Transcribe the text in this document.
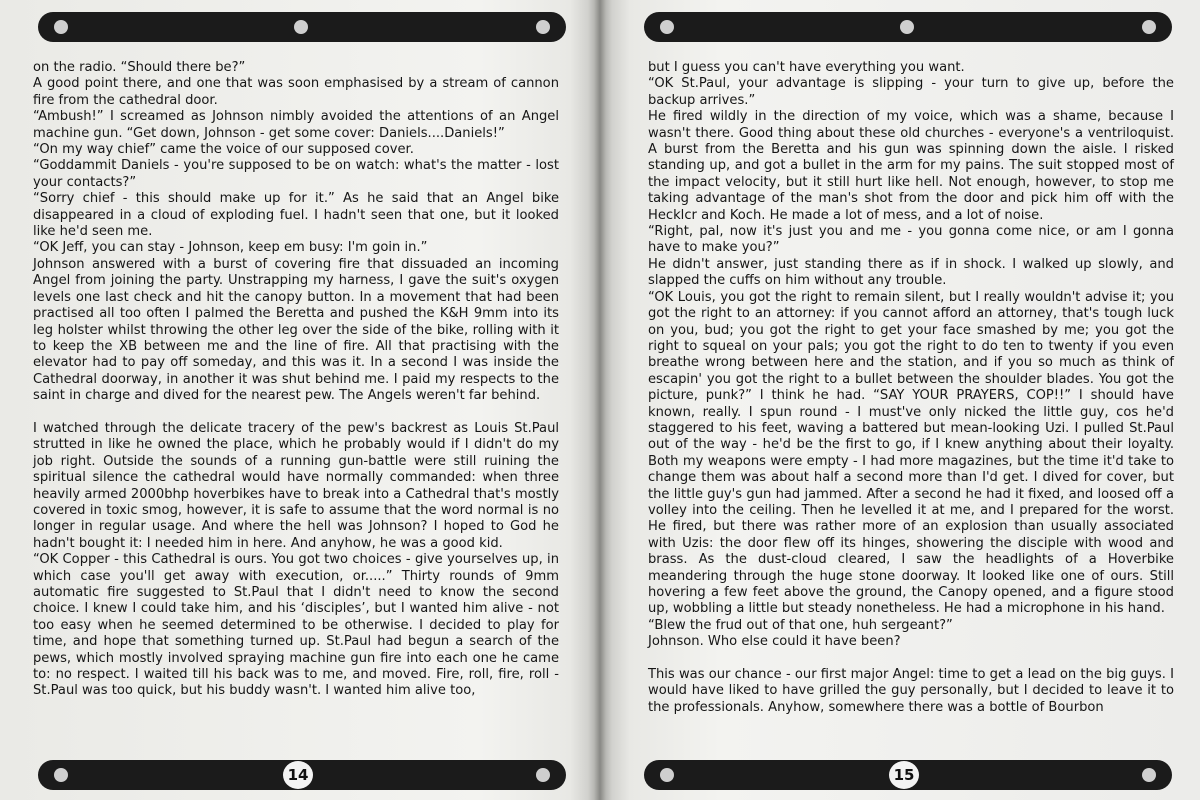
on the radio. “Should there be?”

A good point there, and one that was soon emphasised by a stream of cannon fire from the cathedral door.

“Ambush!” I screamed as Johnson nimbly avoided the attentions of an Angel machine gun. “Get down, Johnson - get some cover: Daniels....Daniels!”

“On my way chief” came the voice of our supposed cover.

“Goddammit Daniels - you're supposed to be on watch: what's the matter - lost your contacts?”

“Sorry chief - this should make up for it.” As he said that an Angel bike disappeared in a cloud of exploding fuel. I hadn't seen that one, but it looked like he'd seen me.

“OK Jeff, you can stay - Johnson, keep em busy: I'm goin in.”

Johnson answered with a burst of covering fire that dissuaded an incoming Angel from joining the party. Unstrapping my harness, I gave the suit's oxygen levels one last check and hit the canopy button. In a movement that had been practised all too often I palmed the Beretta and pushed the K&H 9mm into its leg holster whilst throwing the other leg over the side of the bike, rolling with it to keep the XB between me and the line of fire. All that practising with the elevator had to pay off someday, and this was it. In a second I was inside the Cathedral doorway, in another it was shut behind me. I paid my respects to the saint in charge and dived for the nearest pew. The Angels weren't far behind.

I watched through the delicate tracery of the pew's backrest as Louis St.Paul strutted in like he owned the place, which he probably would if I didn't do my job right. Outside the sounds of a running gun-battle were still ruining the spiritual silence the cathedral would have normally commanded: when three heavily armed 2000bhp hoverbikes have to break into a Cathedral that's mostly covered in toxic smog, however, it is safe to assume that the word normal is no longer in regular usage. And where the hell was Johnson? I hoped to God he hadn't bought it: I needed him in here. And anyhow, he was a good kid.

“OK Copper - this Cathedral is ours. You got two choices - give yourselves up, in which case you'll get away with execution, or.....” Thirty rounds of 9mm automatic fire suggested to St.Paul that I didn't need to know the second choice. I knew I could take him, and his ‘disciples’, but I wanted him alive - not too easy when he seemed determined to be otherwise. I decided to play for time, and hope that something turned up. St.Paul had begun a search of the pews, which mostly involved spraying machine gun fire into each one he came to: no respect. I waited till his back was to me, and moved. Fire, roll, fire, roll - St.Paul was too quick, but his buddy wasn't. I wanted him alive too,

14

but I guess you can't have everything you want.

“OK St.Paul, your advantage is slipping - your turn to give up, before the backup arrives.”

He fired wildly in the direction of my voice, which was a shame, because I wasn't there. Good thing about these old churches - everyone's a ventriloquist. A burst from the Beretta and his gun was spinning down the aisle. I risked standing up, and got a bullet in the arm for my pains. The suit stopped most of the impact velocity, but it still hurt like hell. Not enough, however, to stop me taking advantage of the man's shot from the door and pick him off with the Hecklcr and Koch. He made a lot of mess, and a lot of noise.

“Right, pal, now it's just you and me - you gonna come nice, or am I gonna have to make you?”

He didn't answer, just standing there as if in shock. I walked up slowly, and slapped the cuffs on him without any trouble.

“OK Louis, you got the right to remain silent, but I really wouldn't advise it; you got the right to an attorney: if you cannot afford an attorney, that's tough luck on you, bud; you got the right to get your face smashed by me; you got the right to squeal on your pals; you got the right to do ten to twenty if you even breathe wrong between here and the station, and if you so much as think of escapin' you got the right to a bullet between the shoulder blades. You got the picture, punk?” I think he had. “SAY YOUR PRAYERS, COP!!” I should have known, really. I spun round - I must've only nicked the little guy, cos he'd staggered to his feet, waving a battered but mean-looking Uzi. I pulled St.Paul out of the way - he'd be the first to go, if I knew anything about their loyalty. Both my weapons were empty - I had more magazines, but the time it'd take to change them was about half a second more than I'd get. I dived for cover, but the little guy's gun had jammed. After a second he had it fixed, and loosed off a volley into the ceiling. Then he levelled it at me, and I prepared for the worst. He fired, but there was rather more of an explosion than usually associated with Uzis: the door flew off its hinges, showering the disciple with wood and brass. As the dust-cloud cleared, I saw the headlights of a Hoverbike meandering through the huge stone doorway. It looked like one of ours. Still hovering a few feet above the ground, the Canopy opened, and a figure stood up, wobbling a little but steady nonetheless. He had a microphone in his hand.

“Blew the frud out of that one, huh sergeant?”

Johnson. Who else could it have been?

This was our chance - our first major Angel: time to get a lead on the big guys. I would have liked to have grilled the guy personally, but I decided to leave it to the professionals. Anyhow, somewhere there was a bottle of Bourbon

15
